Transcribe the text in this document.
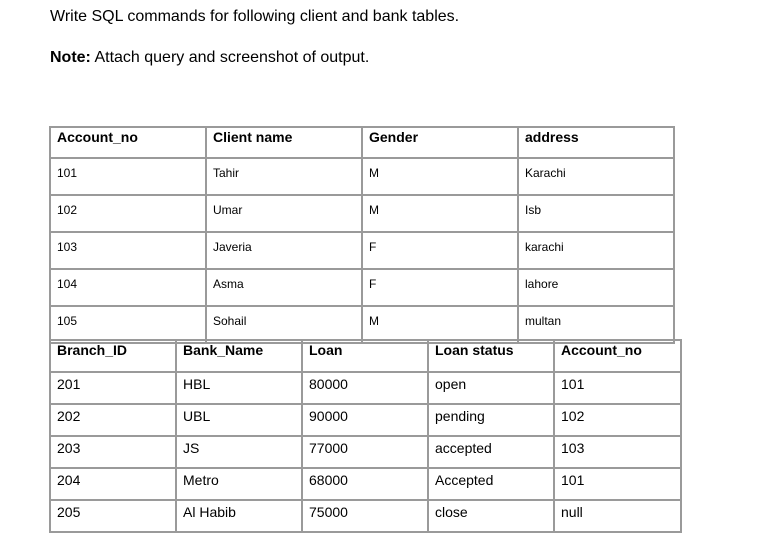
Write SQL commands for following client and bank tables.
Note: Attach query and screenshot of output.
Account_no	Client name	Gender	address
101	Tahir	M	Karachi
102	Umar	M	Isb
103	Javeria	F	karachi
104	Asma	F	lahore
105	Sohail	M	multan
Branch_ID	Bank_Name	Loan	Loan status	Account_no
201	HBL	80000	open	101
202	UBL	90000	pending	102
203	JS	77000	accepted	103
204	Metro	68000	Accepted	101
205	Al Habib	75000	close	null
